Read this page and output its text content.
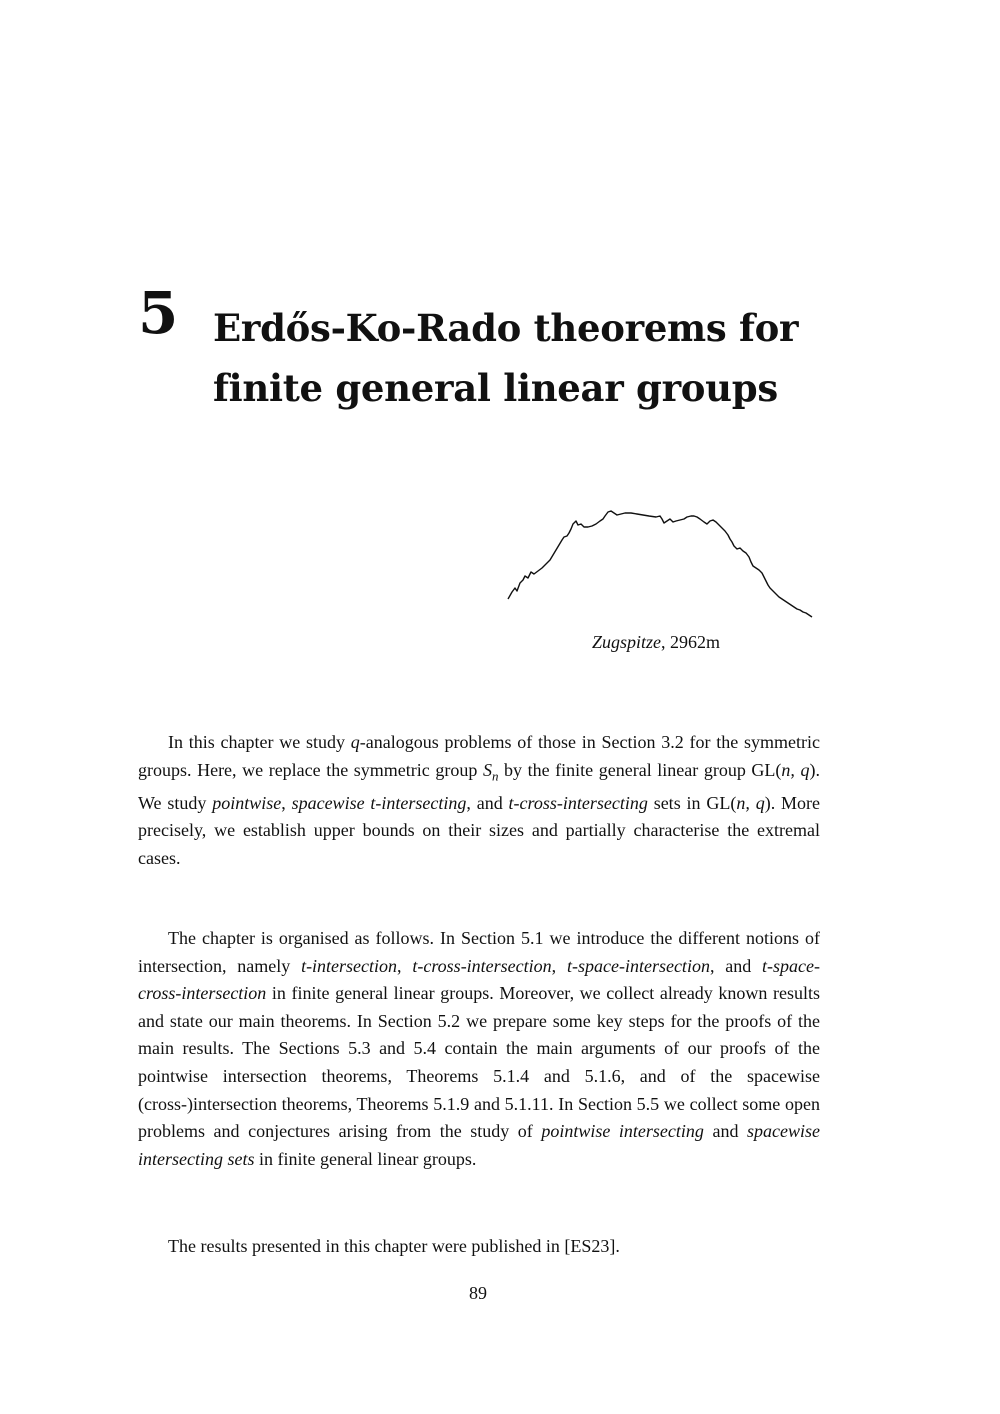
5 Erdős-Ko-Rado theorems for finite general linear groups
Zugspitze, 2962m

In this chapter we study q-analogous problems of those in Section 3.2 for the symmetric groups. Here, we replace the symmetric group $S_n$ by the finite general linear group GL(n, q). We study pointwise, spacewise t-intersecting, and t-cross-intersecting sets in GL(n, q). More precisely, we establish upper bounds on their sizes and partially characterise the extremal cases.

The chapter is organised as follows. In Section 5.1 we introduce the different notions of intersection, namely t-intersection, t-cross-intersection, t-space-intersection, and t-space-cross-intersection in finite general linear groups. Moreover, we collect already known results and state our main theorems. In Section 5.2 we prepare some key steps for the proofs of the main results. The Sections 5.3 and 5.4 contain the main arguments of our proofs of the pointwise intersection theorems, Theorems 5.1.4 and 5.1.6, and of the spacewise (cross-)intersection theorems, Theorems 5.1.9 and 5.1.11. In Section 5.5 we collect some open problems and conjectures arising from the study of pointwise intersecting and spacewise intersecting sets in finite general linear groups.

The results presented in this chapter were published in [ES23].

89
